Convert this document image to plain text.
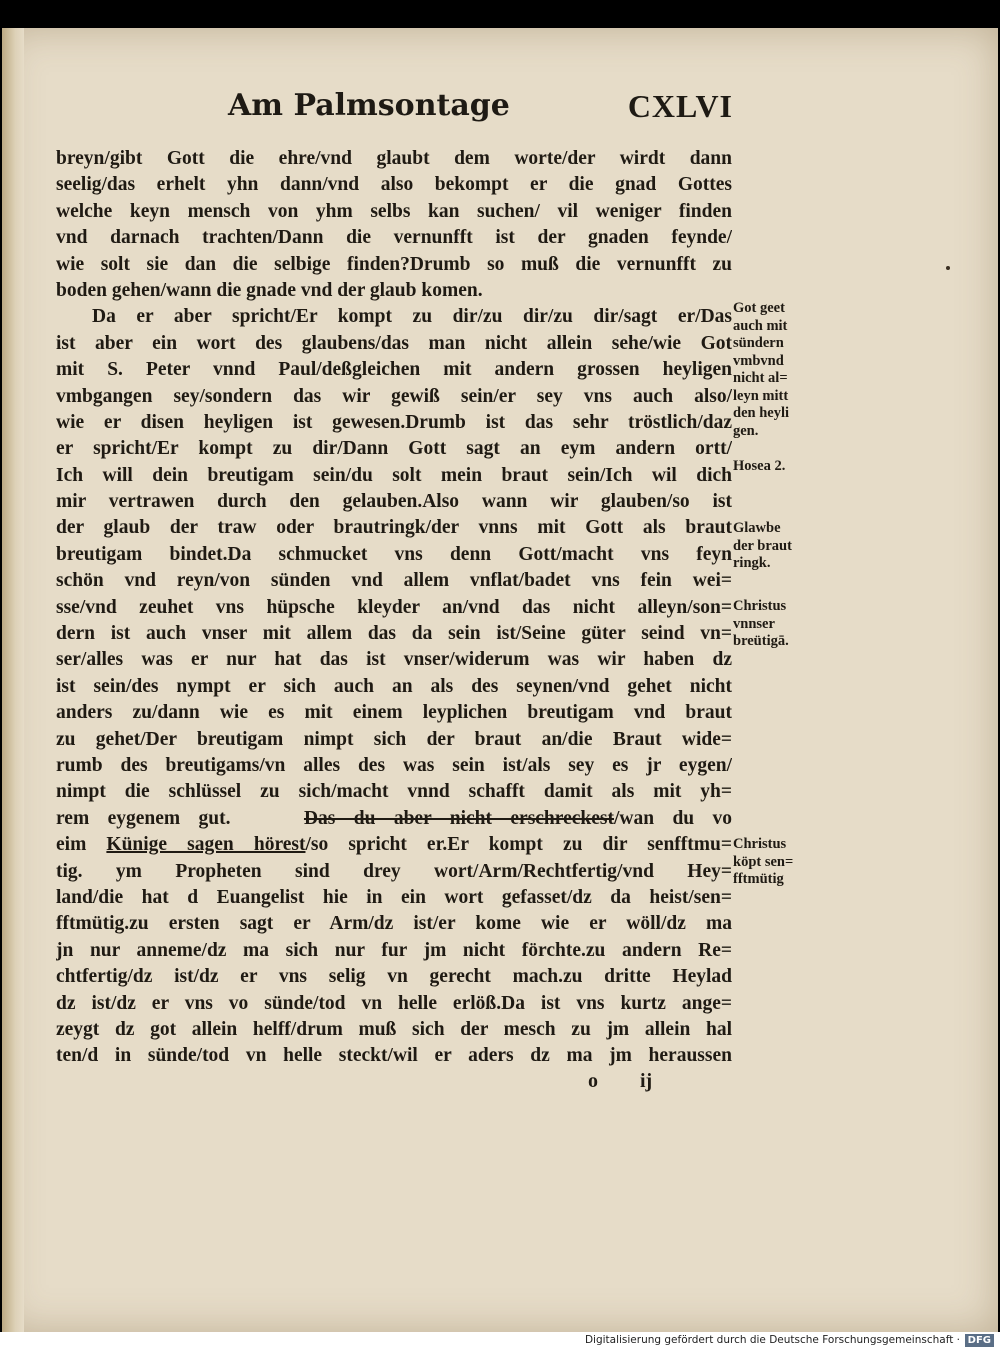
Am Palmsontage	CXLVI
breyn/gibt Gott die ehre/vnd glaubt dem worte/der wirdt dann
seelig/das erhelt yhn dann/vnd also bekompt er die gnad Gottes
welche keyn mensch von yhm selbs kan suchen/ vil weniger finden
vnd darnach trachten/Dann die vernunfft ist der gnaden feynde/
wie solt sie dan die selbige finden?Drumb so muß die vernunfft zu
boden gehen/wann die gnade vnd der glaub komen.
Da er aber spricht/Er kompt zu dir/zu dir/zu dir/sagt er/Das
ist aber ein wort des glaubens/das man nicht allein sehe/wie Got
mit S. Peter vnnd Paul/deßgleichen mit andern grossen heyligen
vmbgangen sey/sondern das wir gewiß sein/er sey vns auch also/
wie er disen heyligen ist gewesen.Drumb ist das sehr tröstlich/daz
er spricht/Er kompt zu dir/Dann Gott sagt an eym andern ortt/
Ich will dein breutigam sein/du solt mein braut sein/Ich wil dich
mir vertrawen durch den gelauben.Also wann wir glauben/so ist
der glaub der traw oder brautringk/der vnns mit Gott als braut
breutigam bindet.Da schmucket vns denn Gott/macht vns feyn
schön vnd reyn/von sünden vnd allem vnflat/badet vns fein wei=
sse/vnd zeuhet vns hüpsche kleyder an/vnd das nicht alleyn/son=
dern ist auch vnser mit allem das da sein ist/Seine güter seind vn=
ser/alles was er nur hat das ist vnser/widerum was wir haben dz
ist sein/des nympt er sich auch an als des seynen/vnd gehet nicht
anders zu/dann wie es mit einem leyplichen breutigam vnd braut
zu gehet/Der breutigam nimpt sich der braut an/die Braut wide=
rumb des breutigams/vn alles des was sein ist/als sey es jr eygen/
nimpt die schlüssel zu sich/macht vnnd schafft damit als mit yh=
rem eygenem gut.	Das du aber nicht erschreckest/wan du vo
eim Künige sagen hörest/so spricht er.Er kompt zu dir senfftmu=
tig. ym Propheten sind drey wort/Arm/Rechtfertig/vnd Hey=
land/die hat d Euangelist hie in ein wort gefasset/dz da heist/sen=
fftmütig.zu ersten sagt er Arm/dz ist/er kome wie er wöll/dz ma
jn nur anneme/dz ma sich nur fur jm nicht förchte.zu andern Re=
chtfertig/dz ist/dz er vns selig vn gerecht mach.zu dritte Heylad
dz ist/dz er vns vo sünde/tod vn helle erlöß.Da ist vns kurtz ange=
zeygt dz got allein helff/drum muß sich der mesch zu jm allein hal
ten/d in sünde/tod vn helle steckt/wil er aders dz ma jm heraussen
Got geet
auch mit
sündern
vmbvnd
nicht al=
leyn mitt
den heyli
gen.
Hosea 2.
Glawbe
der braut
ringk.
Christus
vnnser
breütigā.
Christus
köpt sen=
fftmütig
o ij
Digitalisierung gefördert durch die Deutsche Forschungsgemeinschaft · DFG
